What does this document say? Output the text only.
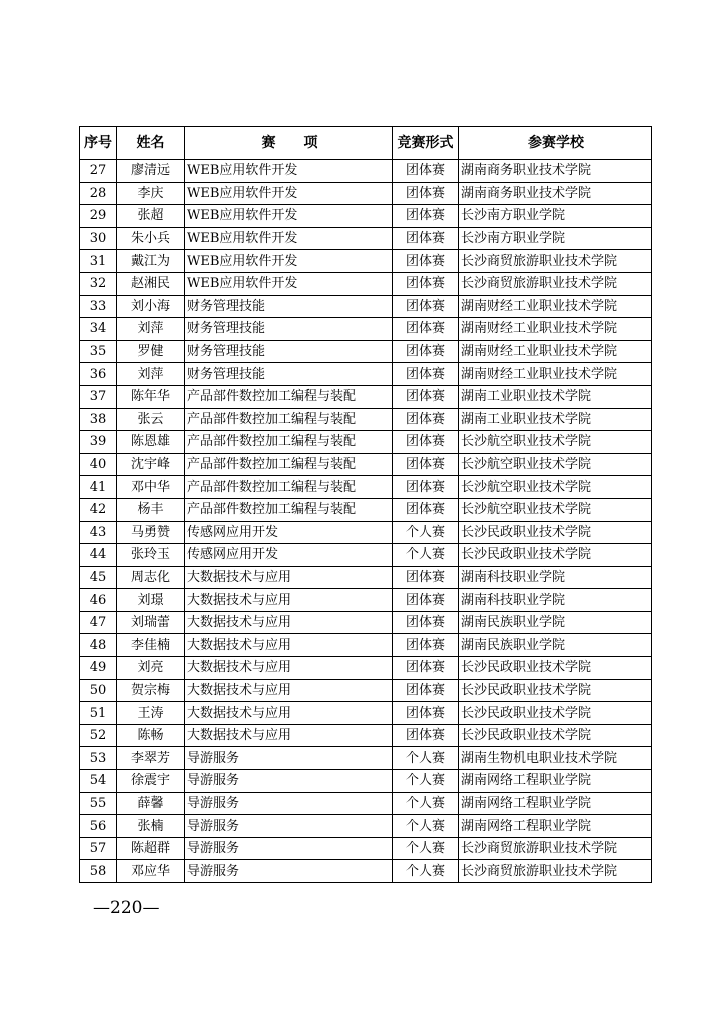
序号	姓名	赛　　项	竞赛形式	参赛学校
27	廖清远	WEB应用软件开发	团体赛	湖南商务职业技术学院
28	李庆	WEB应用软件开发	团体赛	湖南商务职业技术学院
29	张超	WEB应用软件开发	团体赛	长沙南方职业学院
30	朱小兵	WEB应用软件开发	团体赛	长沙南方职业学院
31	戴江为	WEB应用软件开发	团体赛	长沙商贸旅游职业技术学院
32	赵湘民	WEB应用软件开发	团体赛	长沙商贸旅游职业技术学院
33	刘小海	财务管理技能	团体赛	湖南财经工业职业技术学院
34	刘萍	财务管理技能	团体赛	湖南财经工业职业技术学院
35	罗健	财务管理技能	团体赛	湖南财经工业职业技术学院
36	刘萍	财务管理技能	团体赛	湖南财经工业职业技术学院
37	陈年华	产品部件数控加工编程与装配	团体赛	湖南工业职业技术学院
38	张云	产品部件数控加工编程与装配	团体赛	湖南工业职业技术学院
39	陈恩雄	产品部件数控加工编程与装配	团体赛	长沙航空职业技术学院
40	沈宇峰	产品部件数控加工编程与装配	团体赛	长沙航空职业技术学院
41	邓中华	产品部件数控加工编程与装配	团体赛	长沙航空职业技术学院
42	杨丰	产品部件数控加工编程与装配	团体赛	长沙航空职业技术学院
43	马勇赞	传感网应用开发	个人赛	长沙民政职业技术学院
44	张玲玉	传感网应用开发	个人赛	长沙民政职业技术学院
45	周志化	大数据技术与应用	团体赛	湖南科技职业学院
46	刘璟	大数据技术与应用	团体赛	湖南科技职业学院
47	刘瑞蕾	大数据技术与应用	团体赛	湖南民族职业学院
48	李佳楠	大数据技术与应用	团体赛	湖南民族职业学院
49	刘亮	大数据技术与应用	团体赛	长沙民政职业技术学院
50	贺宗梅	大数据技术与应用	团体赛	长沙民政职业技术学院
51	王涛	大数据技术与应用	团体赛	长沙民政职业技术学院
52	陈畅	大数据技术与应用	团体赛	长沙民政职业技术学院
53	李翠芳	导游服务	个人赛	湖南生物机电职业技术学院
54	徐震宇	导游服务	个人赛	湖南网络工程职业学院
55	薛馨	导游服务	个人赛	湖南网络工程职业学院
56	张楠	导游服务	个人赛	湖南网络工程职业学院
57	陈超群	导游服务	个人赛	长沙商贸旅游职业技术学院
58	邓应华	导游服务	个人赛	长沙商贸旅游职业技术学院
—220—
